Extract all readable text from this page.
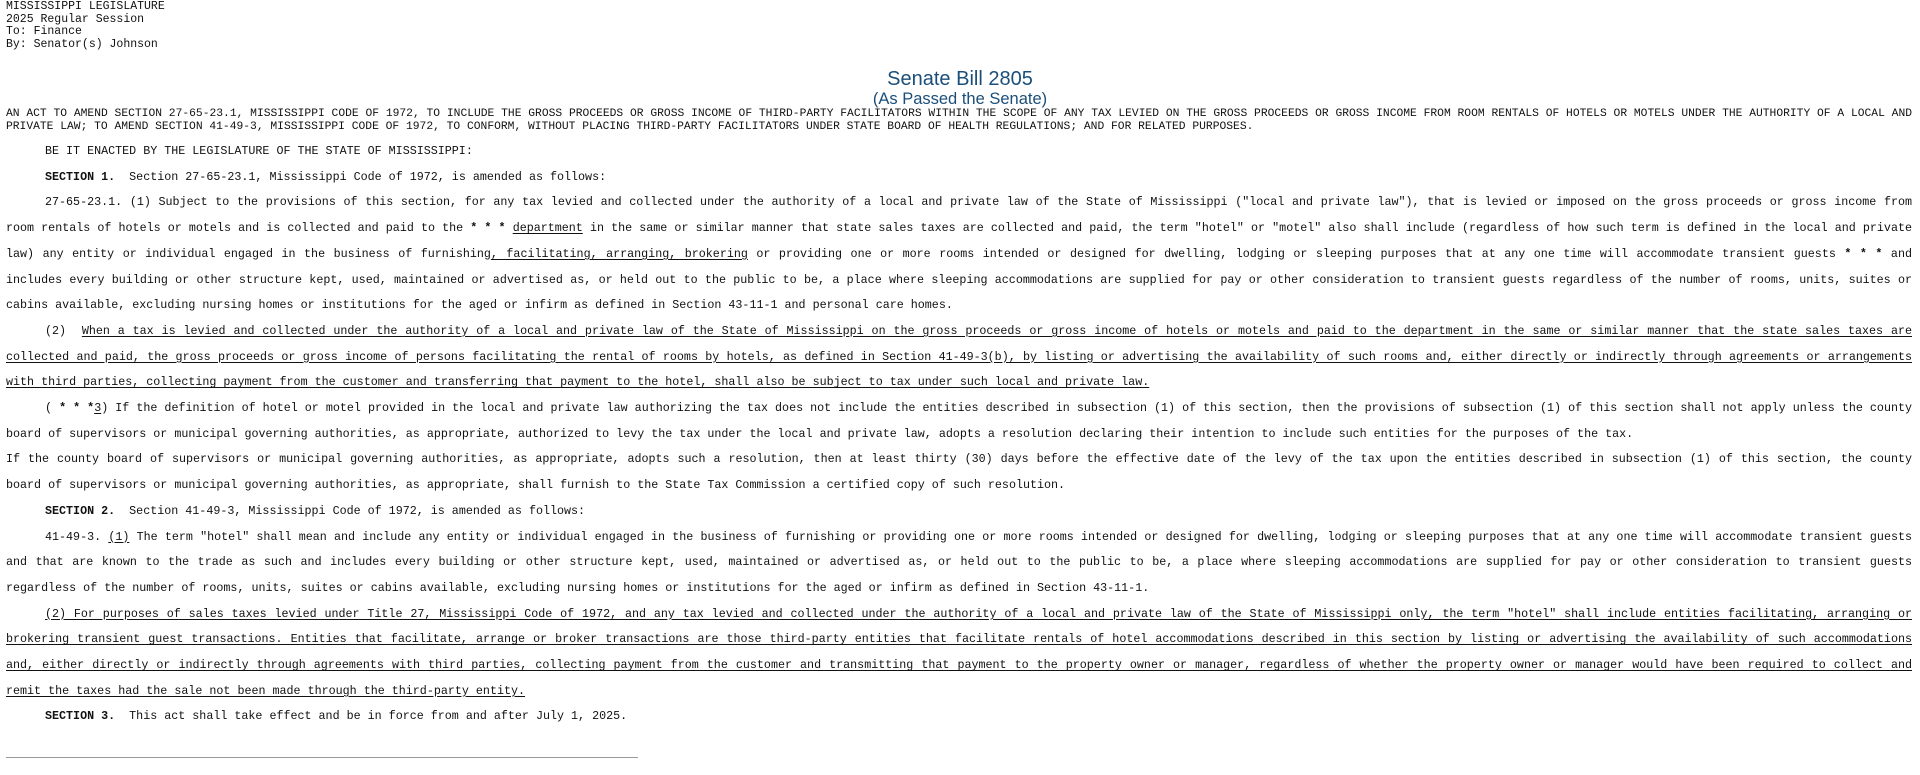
MISSISSIPPI LEGISLATURE
2025 Regular Session
To: Finance
By: Senator(s) Johnson
Senate Bill 2805
(As Passed the Senate)
AN ACT TO AMEND SECTION 27-65-23.1, MISSISSIPPI CODE OF 1972, TO INCLUDE THE GROSS PROCEEDS OR GROSS INCOME OF THIRD-PARTY FACILITATORS WITHIN THE SCOPE OF ANY TAX LEVIED ON THE GROSS PROCEEDS OR GROSS INCOME FROM ROOM RENTALS OF HOTELS OR MOTELS UNDER THE AUTHORITY OF A LOCAL AND PRIVATE LAW; TO AMEND SECTION 41-49-3, MISSISSIPPI CODE OF 1972, TO CONFORM, WITHOUT PLACING THIRD-PARTY FACILITATORS UNDER STATE BOARD OF HEALTH REGULATIONS; AND FOR RELATED PURPOSES.
BE IT ENACTED BY THE LEGISLATURE OF THE STATE OF MISSISSIPPI:
SECTION 1. Section 27-65-23.1, Mississippi Code of 1972, is amended as follows:
27-65-23.1. (1) Subject to the provisions of this section, for any tax levied and collected under the authority of a local and private law of the State of Mississippi ("local and private law"), that is levied or imposed on the gross proceeds or gross income from room rentals of hotels or motels and is collected and paid to the * * * department in the same or similar manner that state sales taxes are collected and paid, the term "hotel" or "motel" also shall include (regardless of how such term is defined in the local and private law) any entity or individual engaged in the business of furnishing, facilitating, arranging, brokering or providing one or more rooms intended or designed for dwelling, lodging or sleeping purposes that at any one time will accommodate transient guests * * * and includes every building or other structure kept, used, maintained or advertised as, or held out to the public to be, a place where sleeping accommodations are supplied for pay or other consideration to transient guests regardless of the number of rooms, units, suites or cabins available, excluding nursing homes or institutions for the aged or infirm as defined in Section 43-11-1 and personal care homes.
(2) When a tax is levied and collected under the authority of a local and private law of the State of Mississippi on the gross proceeds or gross income of hotels or motels and paid to the department in the same or similar manner that the state sales taxes are collected and paid, the gross proceeds or gross income of persons facilitating the rental of rooms by hotels, as defined in Section 41-49-3(b), by listing or advertising the availability of such rooms and, either directly or indirectly through agreements or arrangements with third parties, collecting payment from the customer and transferring that payment to the hotel, shall also be subject to tax under such local and private law.
( * * *3) If the definition of hotel or motel provided in the local and private law authorizing the tax does not include the entities described in subsection (1) of this section, then the provisions of subsection (1) of this section shall not apply unless the county board of supervisors or municipal governing authorities, as appropriate, authorized to levy the tax under the local and private law, adopts a resolution declaring their intention to include such entities for the purposes of the tax.
If the county board of supervisors or municipal governing authorities, as appropriate, adopts such a resolution, then at least thirty (30) days before the effective date of the levy of the tax upon the entities described in subsection (1) of this section, the county board of supervisors or municipal governing authorities, as appropriate, shall furnish to the State Tax Commission a certified copy of such resolution.
SECTION 2. Section 41-49-3, Mississippi Code of 1972, is amended as follows:
41-49-3. (1) The term "hotel" shall mean and include any entity or individual engaged in the business of furnishing or providing one or more rooms intended or designed for dwelling, lodging or sleeping purposes that at any one time will accommodate transient guests and that are known to the trade as such and includes every building or other structure kept, used, maintained or advertised as, or held out to the public to be, a place where sleeping accommodations are supplied for pay or other consideration to transient guests regardless of the number of rooms, units, suites or cabins available, excluding nursing homes or institutions for the aged or infirm as defined in Section 43-11-1.
(2) For purposes of sales taxes levied under Title 27, Mississippi Code of 1972, and any tax levied and collected under the authority of a local and private law of the State of Mississippi only, the term "hotel" shall include entities facilitating, arranging or brokering transient guest transactions. Entities that facilitate, arrange or broker transactions are those third-party entities that facilitate rentals of hotel accommodations described in this section by listing or advertising the availability of such accommodations and, either directly or indirectly through agreements with third parties, collecting payment from the customer and transmitting that payment to the property owner or manager, regardless of whether the property owner or manager would have been required to collect and remit the taxes had the sale not been made through the third-party entity.
SECTION 3. This act shall take effect and be in force from and after July 1, 2025.
